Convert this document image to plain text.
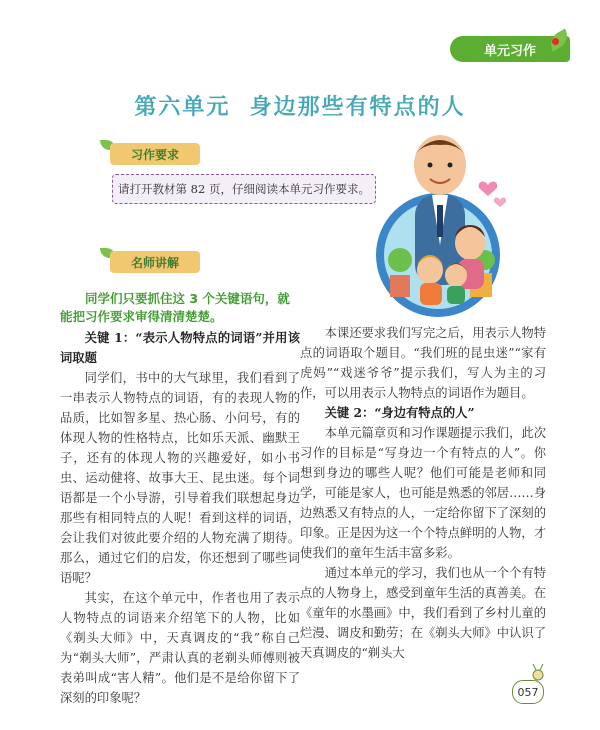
单元习作
第六单元  身边那些有特点的人
习作要求
请打开教材第 82 页，仔细阅读本单元习作要求。
名师讲解
同学们只要抓住这 3 个关键语句，就能把习作要求审得清清楚楚。

关键 1：“表示人物特点的词语”并用该词取题

同学们，书中的大气球里，我们看到了一串表示人物特点的词语，有的表现人物的品质，比如智多星、热心肠、小问号，有的体现人物的性格特点，比如乐天派、幽默王子，还有的体现人物的兴趣爱好，如小书虫、运动健将、故事大王、昆虫迷。每个词语都是一个小导游，引导着我们联想起身边那些有相同特点的人呢！看到这样的词语，会让我们对彼此要介绍的人物充满了期待。那么，通过它们的启发，你还想到了哪些词语呢？

其实，在这个单元中，作者也用了表示人物特点的词语来介绍笔下的人物，比如《剃头大师》中，天真调皮的“我”称自己为“剃头大师”，严肃认真的老剃头师傅则被表弟叫成“害人精”。他们是不是给你留下了深刻的印象呢？

本课还要求我们写完之后，用表示人物特点的词语取个题目。“我们班的昆虫迷”“家有虎妈”“戏迷爷爷”提示我们，写人为主的习作，可以用表示人物特点的词语作为题目。

关键 2：“身边有特点的人”

本单元篇章页和习作课题提示我们，此次习作的目标是“写身边一个有特点的人”。你想到身边的哪些人呢？他们可能是老师和同学，可能是家人，也可能是熟悉的邻居……身边熟悉又有特点的人，一定给你留下了深刻的印象。正是因为这一个个特点鲜明的人物，才使我们的童年生活丰富多彩。

通过本单元的学习，我们也从一个个有特点的人物身上，感受到童年生活的真善美。在《童年的水墨画》中，我们看到了乡村儿童的烂漫、调皮和勤劳；在《剃头大师》中认识了天真调皮的“剃头大

057
